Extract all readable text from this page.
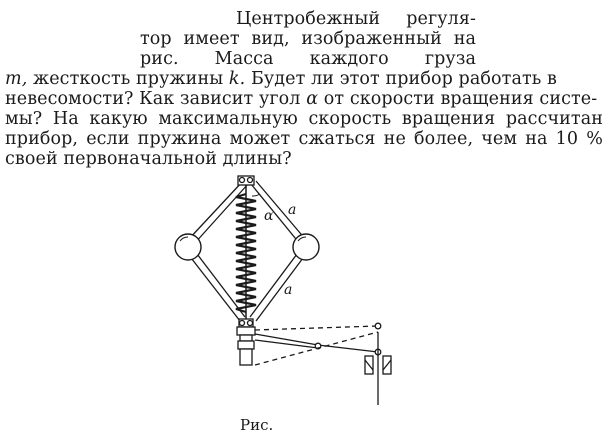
Центробежный регуля-
тор имеет вид, изображенный на
рис. Масса каждого груза
m, жесткость пружины k. Будет ли этот прибор работать в
невесомости? Как зависит угол α от скорости вращения систе-
мы? На какую максимальную скорость вращения рассчитан
прибор, если пружина может сжаться не более, чем на 10 %
своей первоначальной длины?
α a
a
Рис.
